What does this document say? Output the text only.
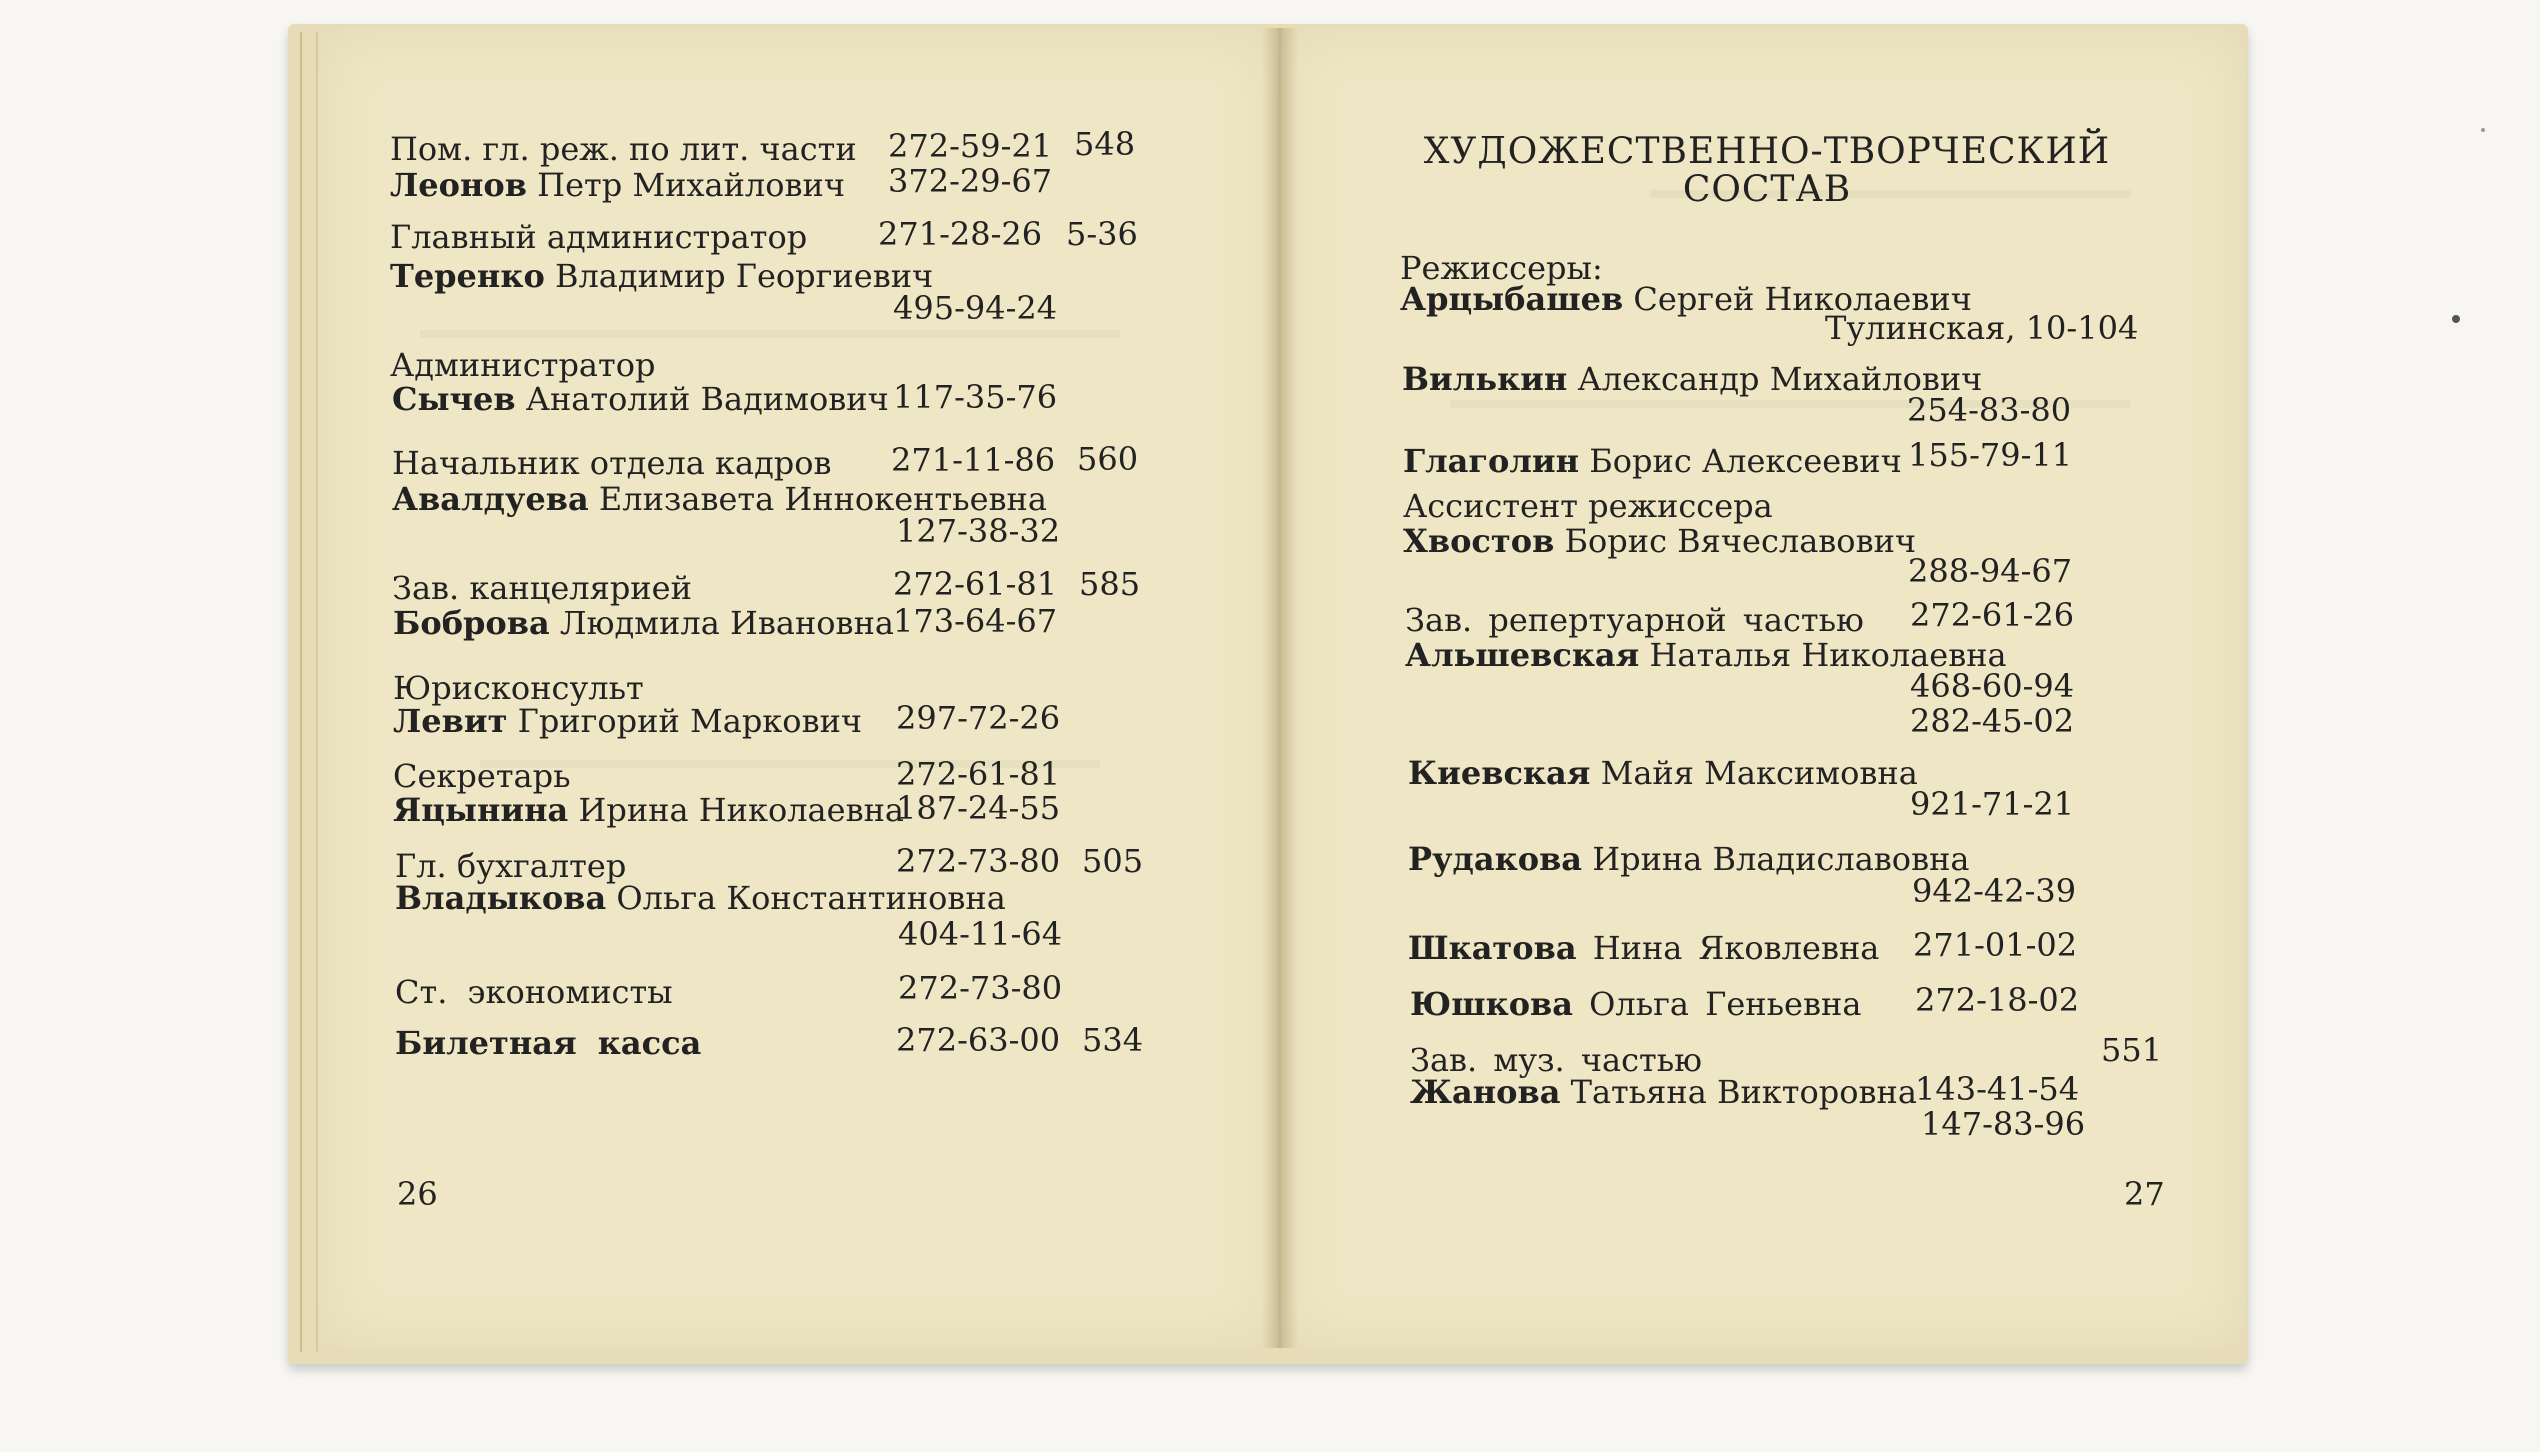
Пом. гл. реж. по лит. части 272-59-21 548
Леонов Петр Михайлович 372-29-67
Главный администратор 271-28-26 5-36
Теренко Владимир Георгиевич
495-94-24
Администратор
Сычев Анатолий Вадимович 117-35-76
Начальник отдела кадров 271-11-86 560
Авалдуева Елизавета Иннокентьевна
127-38-32
Зав. канцелярией	272-61-81 585
Боброва Людмила Ивановна 173-64-67
Юрисконсульт
Левит Григорий Маркович 297-72-26
Секретарь	272-61-81
Яцынина Ирина Николаевна
187-24-55
Гл. бухгалтер	272-73-80 505
Владыкова Ольга Константиновна
404-11-64
Ст. экономисты	272-73-80
Билетная касса	272-63-00 534
26
ХУДОЖЕСТВЕННО-ТВОРЧЕСКИЙ
СОСТАВ
Режиссеры:
Арцыбашев Сергей Николаевич
Тулинская, 10-104
Вилькин Александр Михайлович
254-83-80
Глаголин Борис Алексеевич 155-79-11
Ассистент режиссера
Хвостов Борис Вячеславович
288-94-67
Зав. репертуарной частью 272-61-26
Альшевская Наталья Николаевна
468-60-94
282-45-02
Киевская Майя Максимовна
921-71-21
Рудакова Ирина Владиславовна
942-42-39
Шкатова Нина Яковлевна 271-01-02
Юшкова Ольга Геньевна 272-18-02
Зав. муз. частью	551
Жанова Татьяна Викторовна
143-41-54
147-83-96
27
